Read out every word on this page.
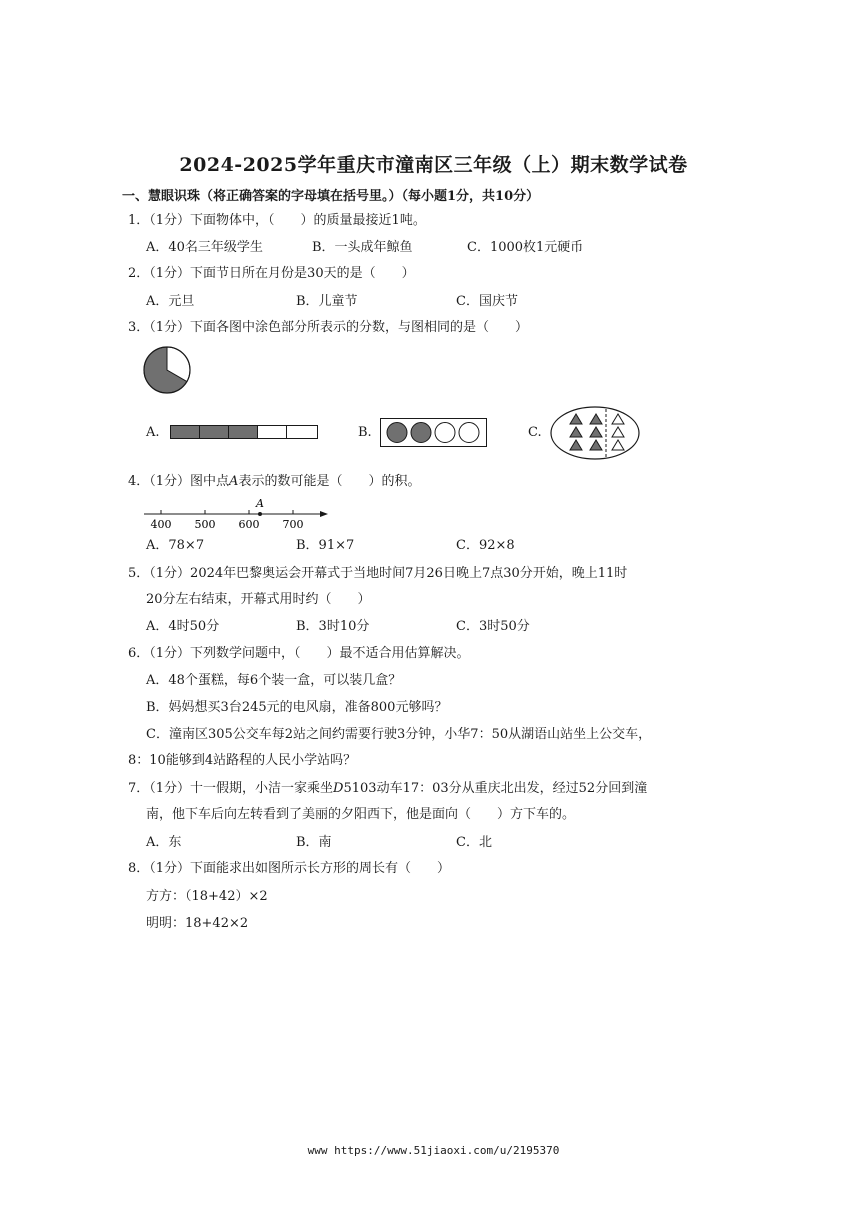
2024-2025学年重庆市潼南区三年级（上）期末数学试卷
一、慧眼识珠（将正确答案的字母填在括号里。）（每小题1分，共10分）
1．（1分）下面物体中，（　　）的质量最接近1吨。
A．40名三年级学生	B．一头成年鲸鱼	C．1000枚1元硬币
2．（1分）下面节日所在月份是30天的是（　　）
A．元旦	B．儿童节	C．国庆节
3．（1分）下面各图中涂色部分所表示的分数，与图相同的是（　　）
A.	B.	C.
4．（1分）图中点A表示的数可能是（　　）的积。
A
400 500 600 700
A．78×7	B．91×7	C．92×8
5．（1分）2024年巴黎奥运会开幕式于当地时间7月26日晚上7点30分开始，晚上11时
20分左右结束，开幕式用时约（　　）
A．4时50分	B．3时10分	C．3时50分
6．（1分）下列数学问题中，（　　）最不适合用估算解决。
A．48个蛋糕，每6个装一盒，可以装几盒？
B．妈妈想买3台245元的电风扇，准备800元够吗？
C．潼南区305公交车每2站之间约需要行驶3分钟，小华7：50从湖语山站坐上公交车，
8：10能够到4站路程的人民小学站吗？
7．（1分）十一假期，小洁一家乘坐D5103动车17：03分从重庆北出发，经过52分回到潼
南，他下车后向左转看到了美丽的夕阳西下，他是面向（　　）方下车的。
A．东	B．南	C．北
8．（1分）下面能求出如图所示长方形的周长有（　　）
方方：（18+42）×2
明明：18+42×2
www https://www.51jiaoxi.com/u/2195370
